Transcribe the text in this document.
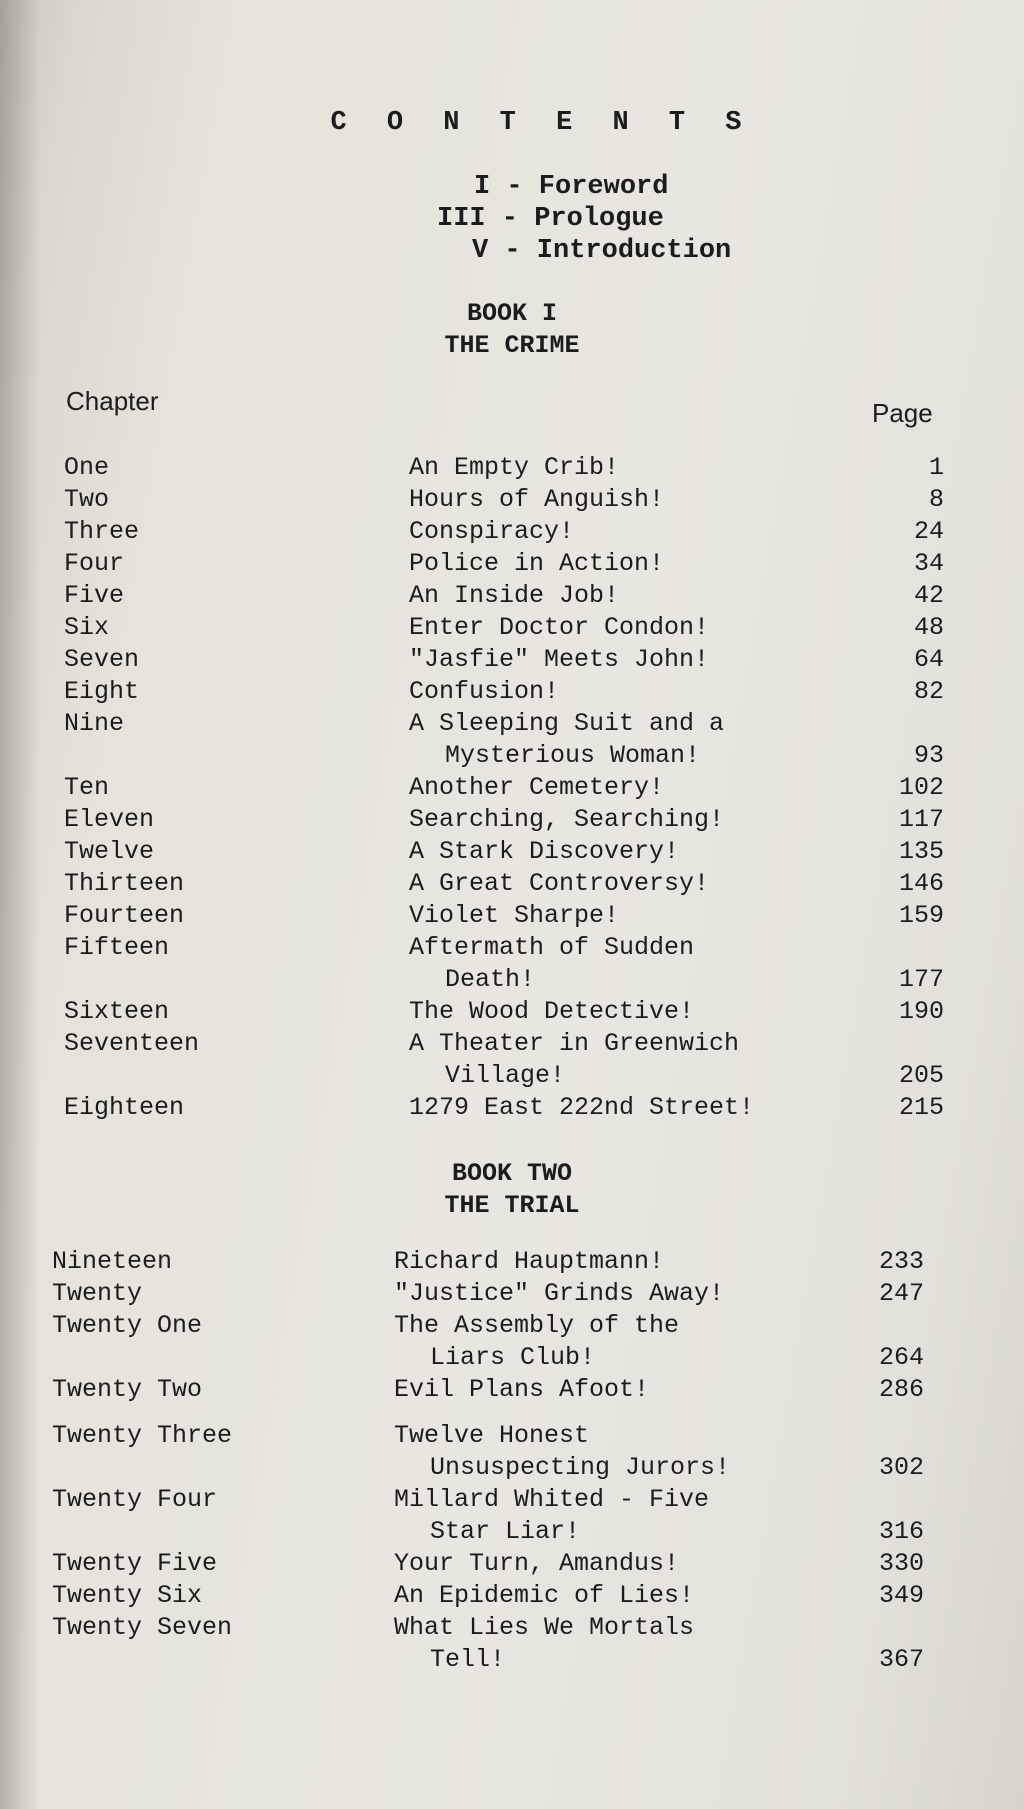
C O N T E N T S
I - Foreword
III - Prologue
V - Introduction
BOOK I
THE CRIME
Chapter	Page
One	An Empty Crib!	1
Two	Hours of Anguish!	8
Three	Conspiracy!	24
Four	Police in Action!	34
Five	An Inside Job!	42
Six	Enter Doctor Condon!	48
Seven	"Jasfie" Meets John!	64
Eight	Confusion!	82
Nine	A Sleeping Suit and a
Mysterious Woman!	93
Ten	Another Cemetery!	102
Eleven	Searching, Searching!	117
Twelve	A Stark Discovery!	135
Thirteen	A Great Controversy!	146
Fourteen	Violet Sharpe!	159
Fifteen	Aftermath of Sudden
Death!	177
Sixteen	The Wood Detective!	190
Seventeen	A Theater in Greenwich
Village!	205
Eighteen	1279 East 222nd Street!	215
BOOK TWO
THE TRIAL
Nineteen	Richard Hauptmann!	233
Twenty	"Justice" Grinds Away!	247
Twenty One	The Assembly of the
Liars Club!	264
Twenty Two	Evil Plans Afoot!	286
Twenty Three	Twelve Honest
Unsuspecting Jurors!	302
Twenty Four	Millard Whited - Five
Star Liar!	316
Twenty Five	Your Turn, Amandus!	330
Twenty Six	An Epidemic of Lies!	349
Twenty Seven	What Lies We Mortals
Tell!	367
